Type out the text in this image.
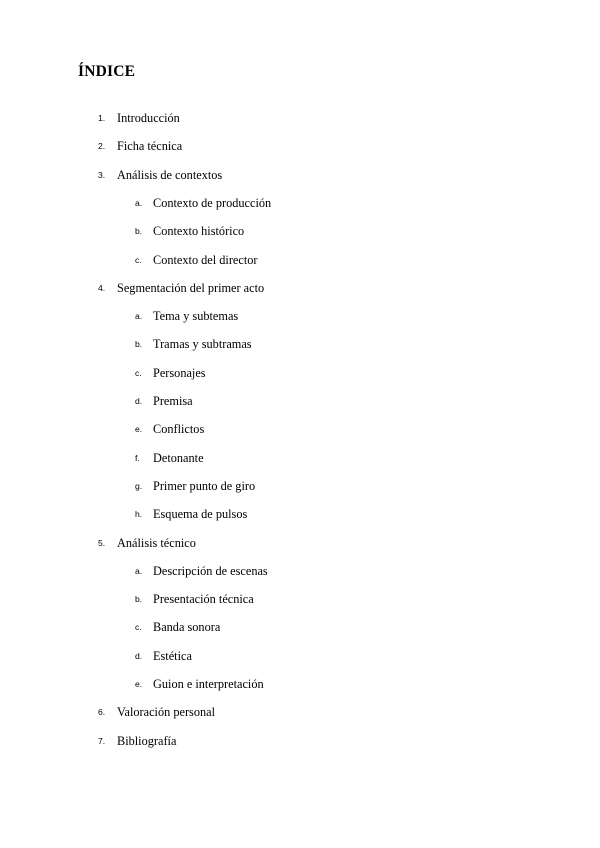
ÍNDICE
1. Introducción
2. Ficha técnica
3. Análisis de contextos
a. Contexto de producción
b. Contexto histórico
c. Contexto del director
4. Segmentación del primer acto
a. Tema y subtemas
b. Tramas y subtramas
c. Personajes
d. Premisa
e. Conflictos
f. Detonante
g. Primer punto de giro
h. Esquema de pulsos
5. Análisis técnico
a. Descripción de escenas
b. Presentación técnica
c. Banda sonora
d. Estética
e. Guion e interpretación
6. Valoración personal
7. Bibliografía
